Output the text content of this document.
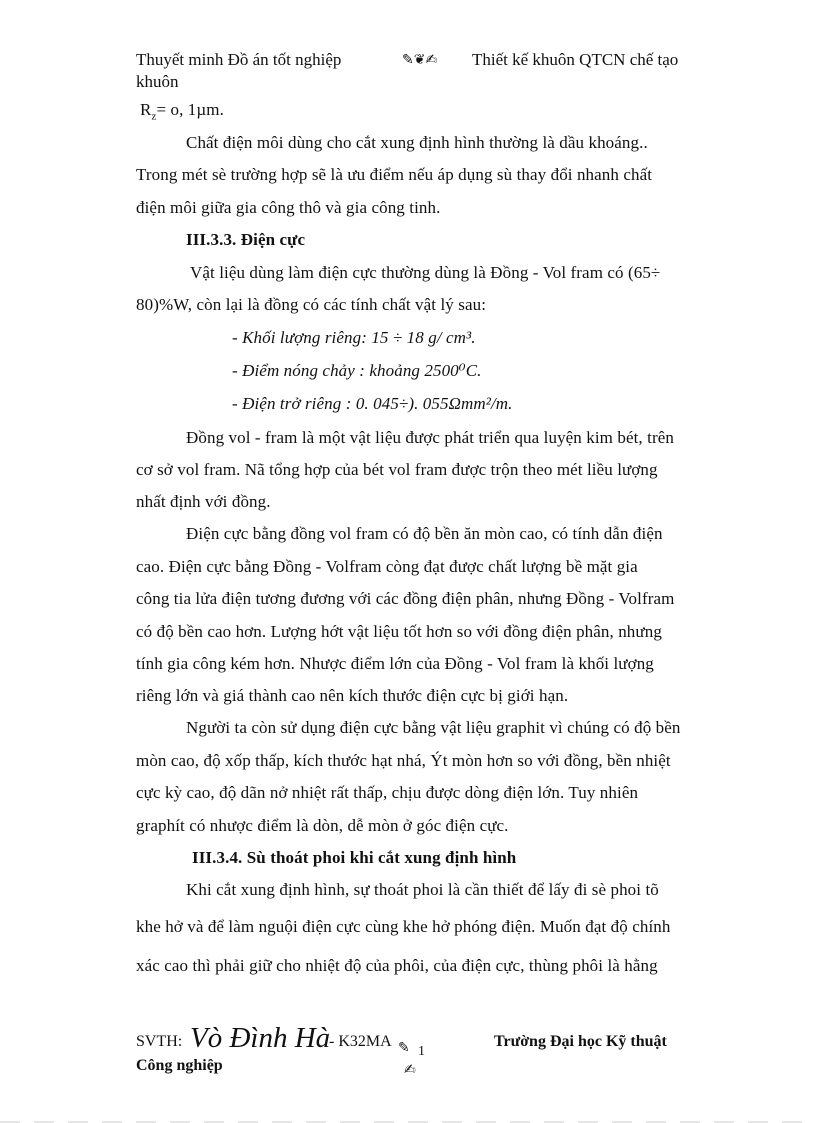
Thuyết minh Đồ án tốt nghiệp	✎❦✍ Thiết kế khuôn QTCN chế tạo
khuôn
$R_z= o$, 1µm.
Chất điện môi dùng cho cắt xung định hình thường là dầu khoáng..
Trong mét sè trường hợp sẽ là ưu điểm nếu áp dụng sù thay đổi nhanh chất
điện môi giữa gia công thô và gia công tinh.
III.3.3. Điện cực
Vật liệu dùng làm điện cực thường dùng là Đồng - Vol fram có (65÷
80)%W, còn lại là đồng có các tính chất vật lý sau:
- Khối lượng riêng: 15 ÷ 18 g/ cm³.
- Điểm nóng chảy : khoảng 2500⁰C.
- Điện trở riêng : 0. 045÷). 055Ωmm²/m.
Đồng vol - fram là một vật liệu được phát triển qua luyện kim bét, trên
cơ sở vol fram. Nã tổng hợp của bét vol fram được trộn theo mét liều lượng
nhất định với đồng.
Điện cực bằng đồng vol fram có độ bền ăn mòn cao, có tính dẫn điện
cao. Điện cực bằng Đồng - Volfram còng đạt được chất lượng bề mặt gia
công tia lửa điện tương đương với các đồng điện phân, nhưng Đồng - Volfram
có độ bền cao hơn. Lượng hớt vật liệu tốt hơn so với đồng điện phân, nhưng
tính gia công kém hơn. Nhược điểm lớn của Đồng - Vol fram là khối lượng
riêng lớn và giá thành cao nên kích thước điện cực bị giới hạn.
Người ta còn sử dụng điện cực bằng vật liệu graphit vì chúng có độ bền
mòn cao, độ xốp thấp, kích thước hạt nhá, Ýt mòn hơn so với đồng, bền nhiệt
cực kỳ cao, độ dãn nở nhiệt rất thấp, chịu được dòng điện lớn. Tuy nhiên
graphít có nhược điểm là dòn, dễ mòn ở góc điện cực.
III.3.4. Sù thoát phoi khi cắt xung định hình
Khi cắt xung định hình, sự thoát phoi là cần thiết để lấy đi sè phoi tõ
khe hở và để làm nguội điện cực cùng khe hở phóng điện. Muốn đạt độ chính
xác cao thì phải giữ cho nhiệt độ của phôi, của điện cực, thùng phôi là hằng
SVTH: Vò Đình Hà
- K32MA ✎ 1
✍
Trường Đại học Kỹ thuật
Công nghiệp
